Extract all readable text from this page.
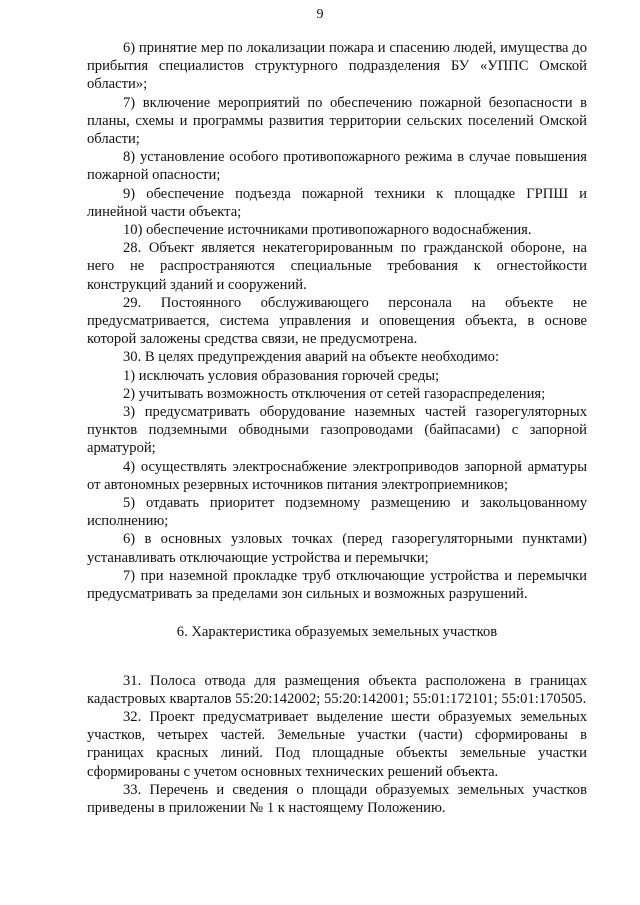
9

6) принятие мер по локализации пожара и спасению людей, имущества до прибытия специалистов структурного подразделения БУ «УППС Омской области»;

7) включение мероприятий по обеспечению пожарной безопасности в планы, схемы и программы развития территории сельских поселений Омской области;

8) установление особого противопожарного режима в случае повышения пожарной опасности;

9) обеспечение подъезда пожарной техники к площадке ГРПШ и линейной части объекта;

10) обеспечение источниками противопожарного водоснабжения.

28. Объект является некатегорированным по гражданской обороне, на него не распространяются специальные требования к огнестойкости конструкций зданий и сооружений.

29. Постоянного обслуживающего персонала на объекте не предусматривается, система управления и оповещения объекта, в основе которой заложены средства связи, не предусмотрена.

30. В целях предупреждения аварий на объекте необходимо:

1) исключать условия образования горючей среды;

2) учитывать возможность отключения от сетей газораспределения;

3) предусматривать оборудование наземных частей газорегуляторных пунктов подземными обводными газопроводами (байпасами) с запорной арматурой;

4) осуществлять электроснабжение электроприводов запорной арматуры от автономных резервных источников питания электроприемников;

5) отдавать приоритет подземному размещению и закольцованному исполнению;

6) в основных узловых точках (перед газорегуляторными пунктами) устанавливать отключающие устройства и перемычки;

7) при наземной прокладке труб отключающие устройства и перемычки предусматривать за пределами зон сильных и возможных разрушений.

6. Характеристика образуемых земельных участков

31. Полоса отвода для размещения объекта расположена в границах кадастровых кварталов 55:20:142002; 55:20:142001; 55:01:172101; 55:01:170505.

32. Проект предусматривает выделение шести образуемых земельных участков, четырех частей. Земельные участки (части) сформированы в границах красных линий. Под площадные объекты земельные участки сформированы с учетом основных технических решений объекта.

33. Перечень и сведения о площади образуемых земельных участков приведены в приложении № 1 к настоящему Положению.
